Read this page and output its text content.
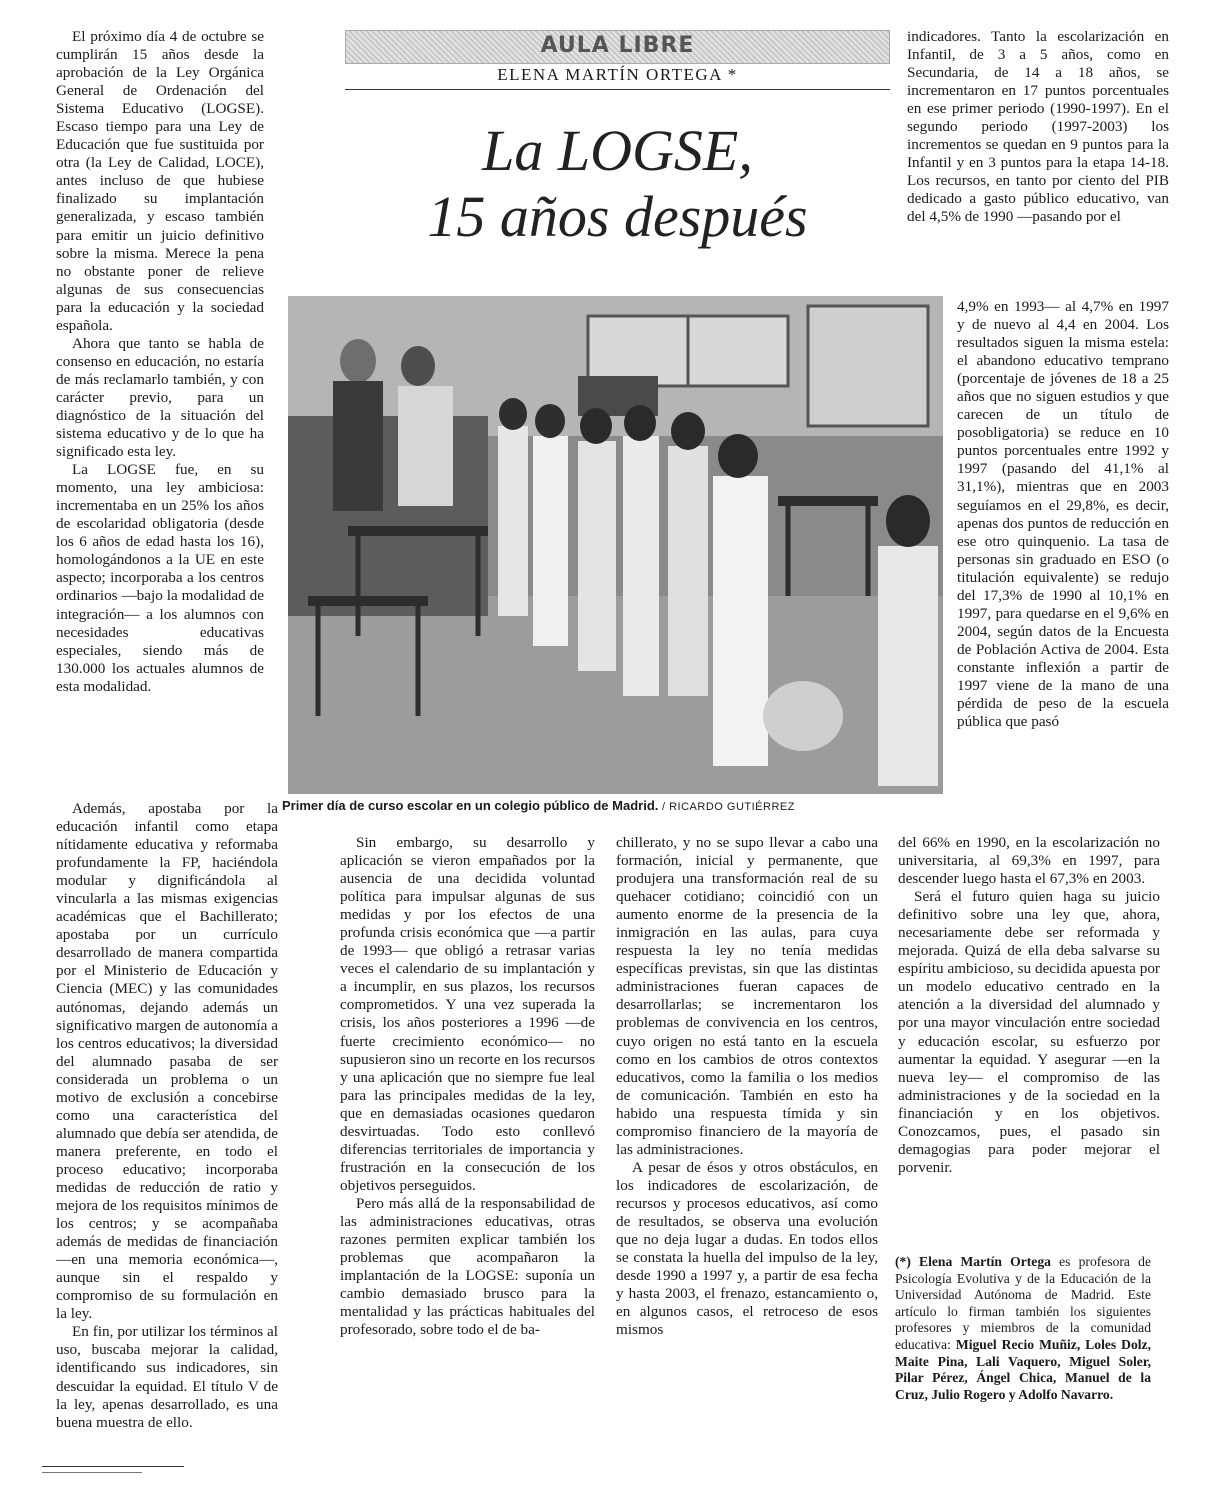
AULA LIBRE
ELENA MARTÍN ORTEGA *
La LOGSE,
15 años después

El próximo día 4 de octubre se cumplirán 15 años desde la aprobación de la Ley Orgánica General de Ordenación del Sistema Educativo (LOGSE). Escaso tiempo para una Ley de Educación que fue sustituida por otra (la Ley de Calidad, LOCE), antes incluso de que hubiese finalizado su implantación generalizada, y escaso también para emitir un juicio definitivo sobre la misma. Merece la pena no obstante poner de relieve algunas de sus consecuencias para la educación y la sociedad española.

Ahora que tanto se habla de consenso en educación, no estaría de más reclamarlo también, y con carácter previo, para un diagnóstico de la situación del sistema educativo y de lo que ha significado esta ley.

La LOGSE fue, en su momento, una ley ambiciosa: incrementaba en un 25% los años de escolaridad obligatoria (desde los 6 años de edad hasta los 16), homologándonos a la UE en este aspecto; incorporaba a los centros ordinarios —bajo la modalidad de integración— a los alumnos con necesidades educativas especiales, siendo más de 130.000 los actuales alumnos de esta modalidad.

Además, apostaba por la educación infantil como etapa nítidamente educativa y reformaba profundamente la FP, haciéndola modular y dignificándola al vincularla a las mismas exigencias académicas que el Bachillerato; apostaba por un currículo desarrollado de manera compartida por el Ministerio de Educación y Ciencia (MEC) y las comunidades autónomas, dejando además un significativo margen de autonomía a los centros educativos; la diversidad del alumnado pasaba de ser considerada un problema o un motivo de exclusión a concebirse como una característica del alumnado que debía ser atendida, de manera preferente, en todo el proceso educativo; incorporaba medidas de reducción de ratio y mejora de los requisitos mínimos de los centros; y se acompañaba además de medidas de financiación —en una memoria económica—, aunque sin el respaldo y compromiso de su formulación en la ley.

En fin, por utilizar los términos al uso, buscaba mejorar la calidad, identificando sus indicadores, sin descuidar la equidad. El título V de la ley, apenas desarrollado, es una buena muestra de ello.

Primer día de curso escolar en un colegio público de Madrid. / RICARDO GUTIÉRREZ

Sin embargo, su desarrollo y aplicación se vieron empañados por la ausencia de una decidida voluntad política para impulsar algunas de sus medidas y por los efectos de una profunda crisis económica que —a partir de 1993— que obligó a retrasar varias veces el calendario de su implantación y a incumplir, en sus plazos, los recursos comprometidos. Y una vez superada la crisis, los años posteriores a 1996 —de fuerte crecimiento económico— no supusieron sino un recorte en los recursos y una aplicación que no siempre fue leal para las principales medidas de la ley, que en demasiadas ocasiones quedaron desvirtuadas. Todo esto conllevó diferencias territoriales de importancia y frustración en la consecución de los objetivos perseguidos.

Pero más allá de la responsabilidad de las administraciones educativas, otras razones permiten explicar también los problemas que acompañaron la implantación de la LOGSE: suponía un cambio demasiado brusco para la mentalidad y las prácticas habituales del profesorado, sobre todo el de ba-

chillerato, y no se supo llevar a cabo una formación, inicial y permanente, que produjera una transformación real de su quehacer cotidiano; coincidió con un aumento enorme de la presencia de la inmigración en las aulas, para cuya respuesta la ley no tenía medidas específicas previstas, sin que las distintas administraciones fueran capaces de desarrollarlas; se incrementaron los problemas de convivencia en los centros, cuyo origen no está tanto en la escuela como en los cambios de otros contextos educativos, como la familia o los medios de comunicación. También en esto ha habido una respuesta tímida y sin compromiso financiero de la mayoría de las administraciones.

A pesar de ésos y otros obstáculos, en los indicadores de escolarización, de recursos y procesos educativos, así como de resultados, se observa una evolución que no deja lugar a dudas. En todos ellos se constata la huella del impulso de la ley, desde 1990 a 1997 y, a partir de esa fecha y hasta 2003, el frenazo, estancamiento o, en algunos casos, el retroceso de esos mismos

indicadores. Tanto la escolarización en Infantil, de 3 a 5 años, como en Secundaria, de 14 a 18 años, se incrementaron en 17 puntos porcentuales en ese primer periodo (1990-1997). En el segundo periodo (1997-2003) los incrementos se quedan en 9 puntos para la Infantil y en 3 puntos para la etapa 14-18. Los recursos, en tanto por ciento del PIB dedicado a gasto público educativo, van del 4,5% de 1990 —pasando por el

4,9% en 1993— al 4,7% en 1997 y de nuevo al 4,4 en 2004. Los resultados siguen la misma estela: el abandono educativo temprano (porcentaje de jóvenes de 18 a 25 años que no siguen estudios y que carecen de un título de posobligatoria) se reduce en 10 puntos porcentuales entre 1992 y 1997 (pasando del 41,1% al 31,1%), mientras que en 2003 seguíamos en el 29,8%, es decir, apenas dos puntos de reducción en ese otro quinquenio. La tasa de personas sin graduado en ESO (o titulación equivalente) se redujo del 17,3% de 1990 al 10,1% en 1997, para quedarse en el 9,6% en 2004, según datos de la Encuesta de Población Activa de 2004. Esta constante inflexión a partir de 1997 viene de la mano de una pérdida de peso de la escuela pública que pasó

del 66% en 1990, en la escolarización no universitaria, al 69,3% en 1997, para descender luego hasta el 67,3% en 2003.

Será el futuro quien haga su juicio definitivo sobre una ley que, ahora, necesariamente debe ser reformada y mejorada. Quizá de ella deba salvarse su espíritu ambicioso, su decidida apuesta por un modelo educativo centrado en la atención a la diversidad del alumnado y por una mayor vinculación entre sociedad y educación escolar, su esfuerzo por aumentar la equidad. Y asegurar —en la nueva ley— el compromiso de las administraciones y de la sociedad en la financiación y en los objetivos. Conozcamos, pues, el pasado sin demagogias para poder mejorar el porvenir.

(*) Elena Martín Ortega es profesora de Psicología Evolutiva y de la Educación de la Universidad Autónoma de Madrid. Este artículo lo firman también los siguientes profesores y miembros de la comunidad educativa: Miguel Recio Muñiz, Loles Dolz, Maite Pina, Lali Vaquero, Miguel Soler, Pilar Pérez, Ángel Chica, Manuel de la Cruz, Julio Rogero y Adolfo Navarro.
